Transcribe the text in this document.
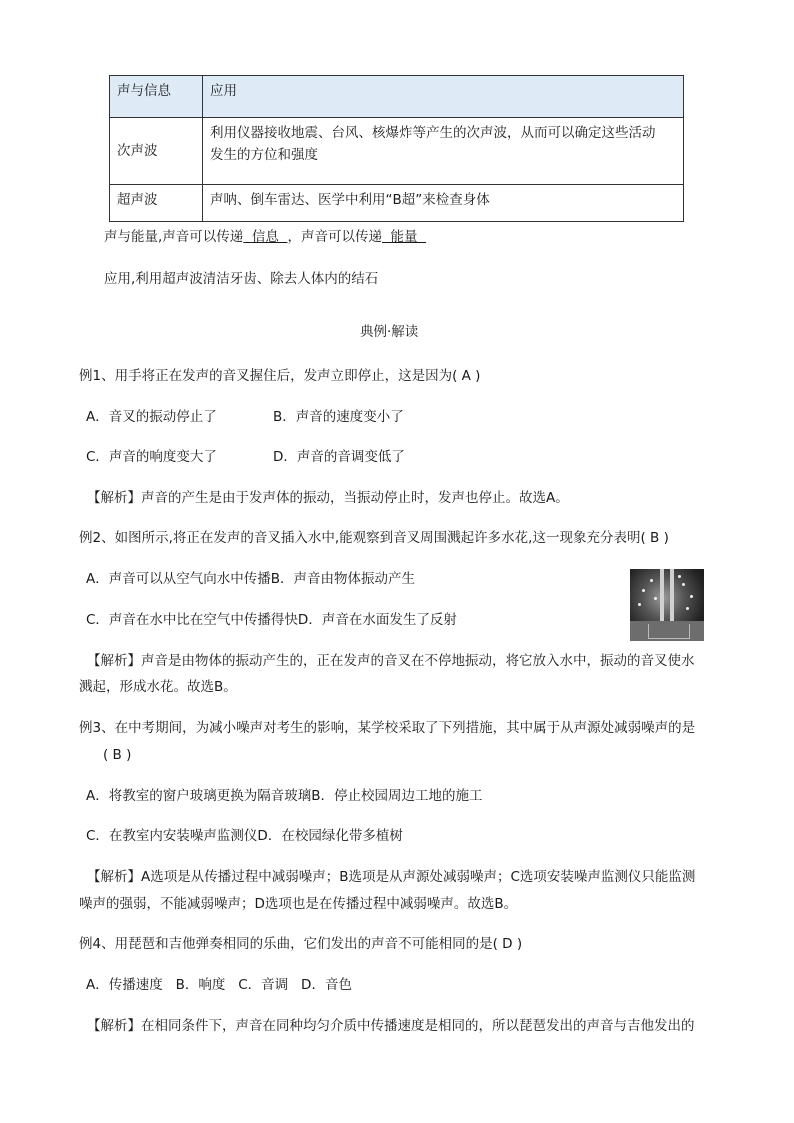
声与信息	应用
次声波	利用仪器接收地震、台风、核爆炸等产生的次声波，从而可以确定这些活动
发生的方位和强度

超声波	声呐、倒车雷达、医学中利用“B超”来检查身体
声与能量,声音可以传递  信息  ，声音可以传递  能量
应用,利用超声波清洁牙齿、除去人体内的结石
典例·解读
例1、用手将正在发声的音叉握住后，发声立即停止，这是因为( A )
A．音叉的振动停止了	B．声音的速度变小了
C．声音的响度变大了	D．声音的音调变低了
【解析】声音的产生是由于发声体的振动，当振动停止时，发声也停止。故选A。
例2、如图所示,将正在发声的音叉插入水中,能观察到音叉周围溅起许多水花,这一现象充分表明( B )
A．声音可以从空气向水中传播B．声音由物体振动产生
C．声音在水中比在空气中传播得快D．声音在水面发生了反射
【解析】声音是由物体的振动产生的，正在发声的音叉在不停地振动，将它放入水中，振动的音叉使水
溅起，形成水花。故选B。
例3、在中考期间，为减小噪声对考生的影响，某学校采取了下列措施，其中属于从声源处减弱噪声的是
( B )
A．将教室的窗户玻璃更换为隔音玻璃B．停止校园周边工地的施工
C．在教室内安装噪声监测仪D．在校园绿化带多植树
【解析】A选项是从传播过程中减弱噪声；B选项是从声源处减弱噪声；C选项安装噪声监测仪只能监测
噪声的强弱，不能减弱噪声；D选项也是在传播过程中减弱噪声。故选B。
例4、用琵琶和吉他弹奏相同的乐曲，它们发出的声音不可能相同的是( D )
A．传播速度   B．响度   C．音调   D．音色
【解析】在相同条件下，声音在同种均匀介质中传播速度是相同的，所以琵琶发出的声音与吉他发出的
